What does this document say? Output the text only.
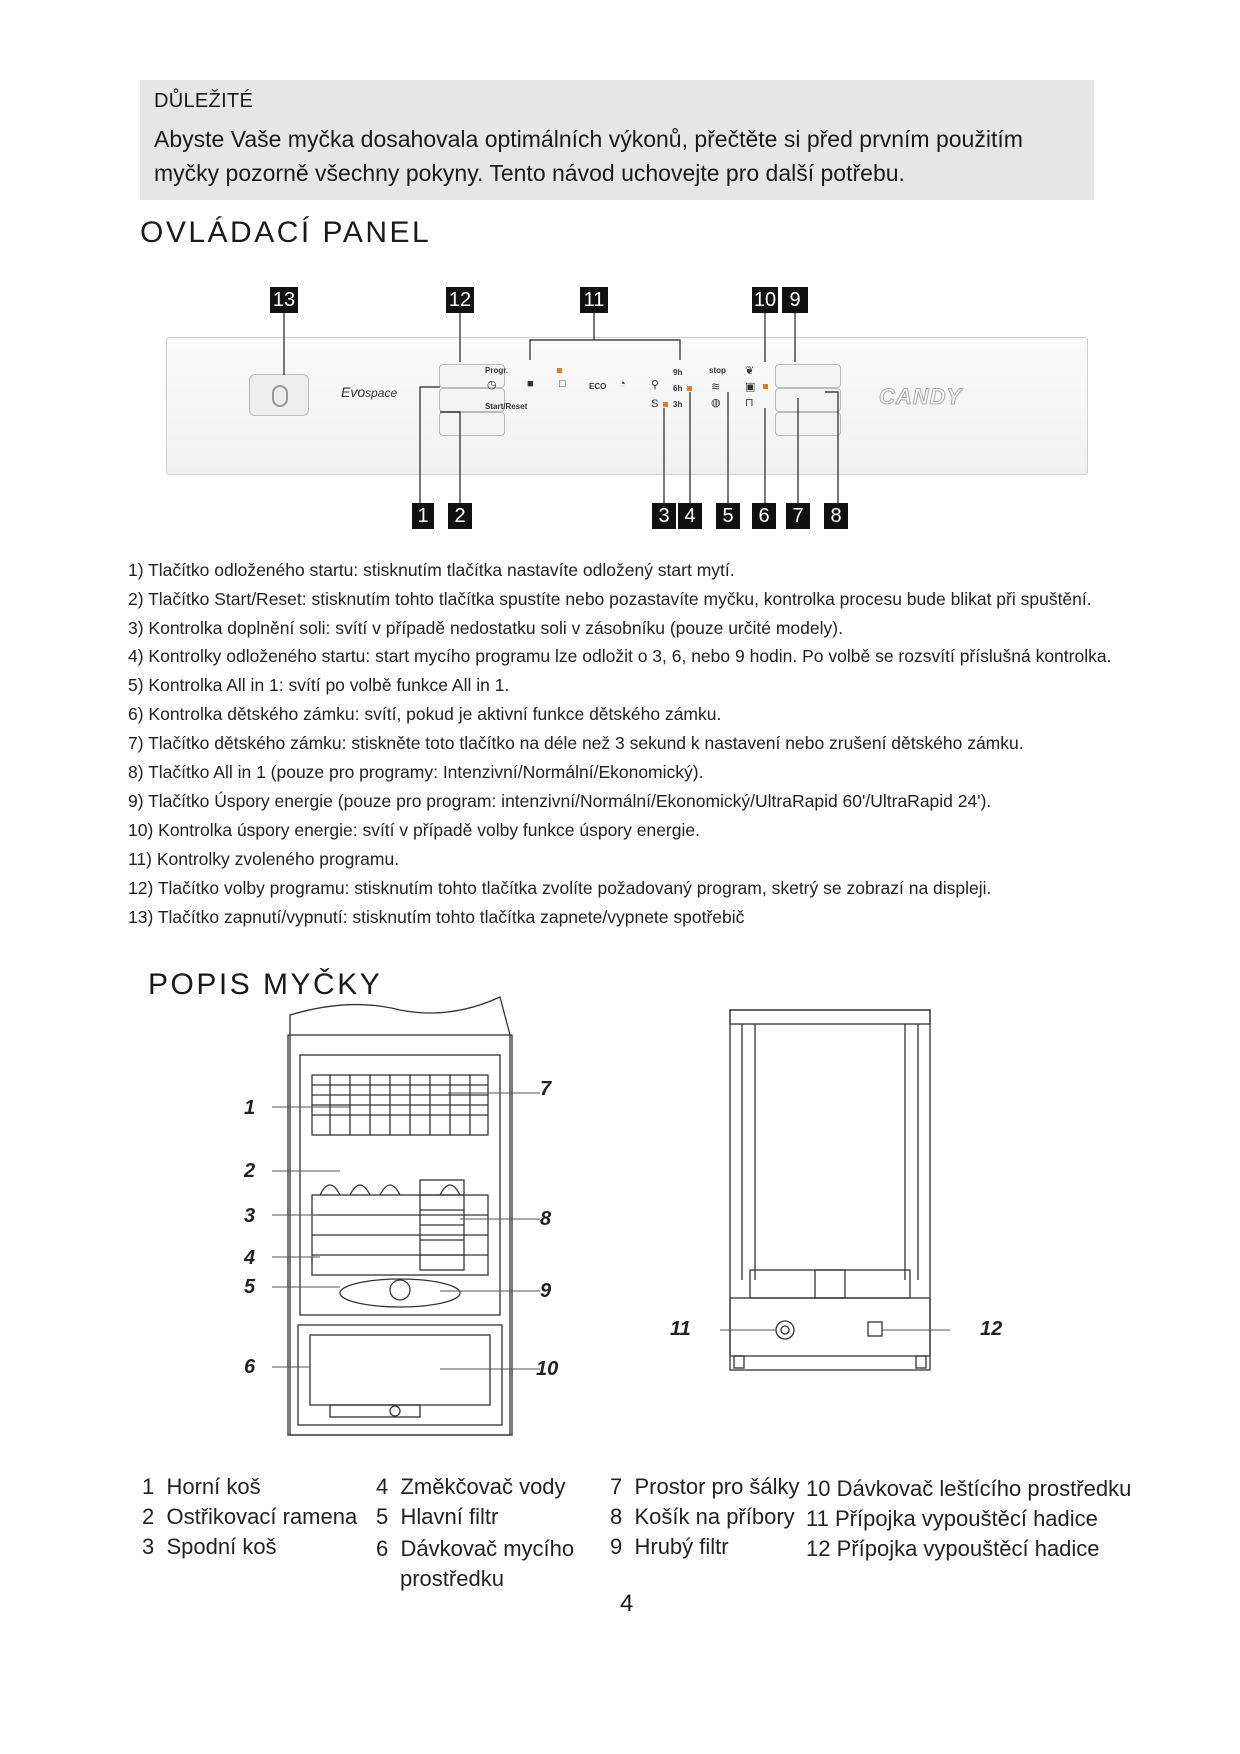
DŮLEŽITÉ
Abyste Vaše myčka dosahovala optimálních výkonů, přečtěte si před prvním použitím myčky pozorně všechny pokyny. Tento návod uchovejte pro další potřebu.
OVLÁDACÍ PANEL
13	12	11	10 9
Evospace
Progr.
Start/Reset
◷	■ □	ECO ◔ ⚲
S
9h
6h
3h
stop
≋
◍
❦
▣
⊓	CANDY
1	2	3 4	5	6	7	8
1) Tlačítko odloženého startu: stisknutím tlačítka nastavíte odložený start mytí.
2) Tlačítko Start/Reset: stisknutím tohto tlačítka spustíte nebo pozastavíte myčku, kontrolka procesu bude blikat při spuštění.
3) Kontrolka doplnění soli: svítí v případě nedostatku soli v zásobníku (pouze určité modely).
4) Kontrolky odloženého startu: start mycího programu lze odložit o 3, 6, nebo 9 hodin. Po volbě se rozsvítí příslušná kontrolka.
5) Kontrolka All in 1: svítí po volbě funkce All in 1.
6) Kontrolka dětského zámku: svítí, pokud je aktivní funkce dětského zámku.
7) Tlačítko dětského zámku: stiskněte toto tlačítko na déle než 3 sekund k nastavení nebo zrušení dětského zámku.
8) Tlačítko All in 1 (pouze pro programy: Intenzivní/Normální/Ekonomický).
9) Tlačítko Úspory energie (pouze pro program: intenzivní/Normální/Ekonomický/UltraRapid 60'/UltraRapid 24').
10) Kontrolka úspory energie: svítí v případě volby funkce úspory energie.
11) Kontrolky zvoleného programu.
12) Tlačítko volby programu: stisknutím tohto tlačítka zvolíte požadovaný program, sketrý se zobrazí na displeji.
13) Tlačítko zapnutí/vypnutí: stisknutím tohto tlačítka zapnete/vypnete spotřebič
POPIS MYČKY
1
2
3
4
5
6
7
8
9
10
11	12
1 Horní koš
2 Ostřikovací ramena
3 Spodní koš
4 Změkčovač vody
5 Hlavní filtr
6 Dávkovač mycího prostředku
7 Prostor pro šálky
8 Košík na příbory
9 Hrubý filtr
10 Dávkovač leštícího prostředku
11 Přípojka vypouštěcí hadice
12 Přípojka vypouštěcí hadice
4
